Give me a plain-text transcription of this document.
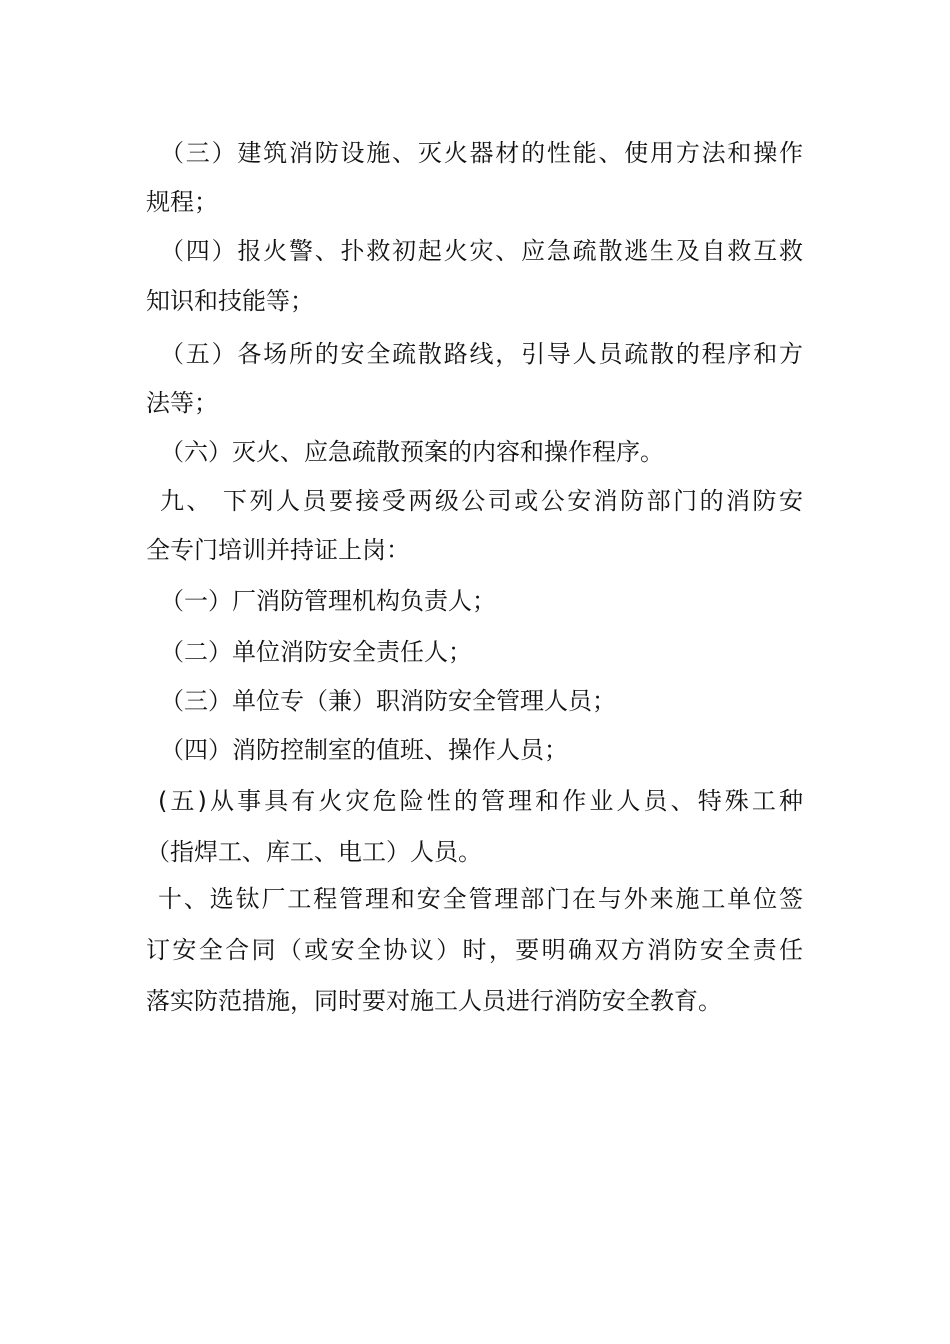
（三）建筑消防设施、灭火器材的性能、使用方法和操作
规程；
（四）报火警、扑救初起火灾、应急疏散逃生及自救互救
知识和技能等；
（五）各场所的安全疏散路线，引导人员疏散的程序和方
法等；
（六）灭火、应急疏散预案的内容和操作程序。
九、 下列人员要接受两级公司或公安消防部门的消防安
全专门培训并持证上岗：
（一）厂消防管理机构负责人；
（二）单位消防安全责任人；
（三）单位专（兼）职消防安全管理人员；
（四）消防控制室的值班、操作人员；
(五)从事具有火灾危险性的管理和作业人员、特殊工种
（指焊工、库工、电工）人员。
十、选钛厂工程管理和安全管理部门在与外来施工单位签
订安全合同（或安全协议）时，要明确双方消防安全责任
落实防范措施，同时要对施工人员进行消防安全教育。
